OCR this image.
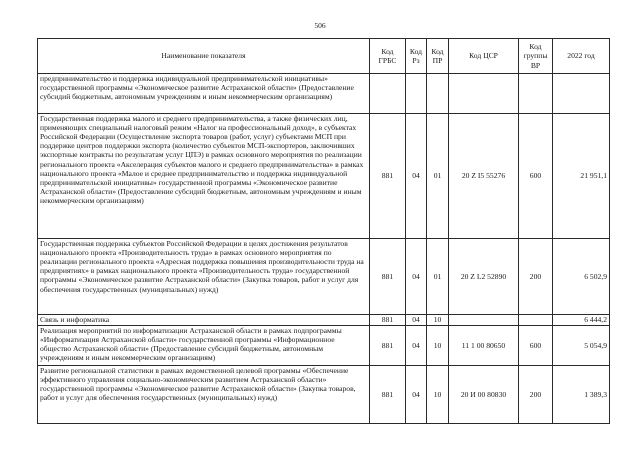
506
Наименование показателя	Код ГРБС	Код Рз	Код ПР	Код ЦСР	Код группы ВР	2022 год
предпринимательство и поддержка индивидуальной предпринимательской инициативы» государственной программы «Экономическое развитие Астраханской области» (Предоставление субсидий бюджетным, автономным учреждениям и иным некоммерческим организациям)						
Государственная поддержка малого и среднего предпринимательства, а также физических лиц, применяющих специальный налоговый режим «Налог на профессиональный доход», в субъектах Российской Федерации (Осуществление экспорта товаров (работ, услуг) субъектами МСП при поддержке центров поддержки экспорта (количество субъектов МСП-экспортеров, заключивших экспортные контракты по результатам услуг ЦПЭ) в рамках основного мероприятия по реализации регионального проекта «Акселерация субъектов малого и среднего предпринимательства» в рамках национального проекта «Малое и среднее предпринимательство и поддержка индивидуальной предпринимательской инициативы» государственной программы «Экономическое развитие Астраханской области» (Предоставление субсидий бюджетным, автономным учреждениям и иным некоммерческим организациям)	881	04	01	20 Z I5 55276	600	21 951,1
Государственная поддержка субъектов Российской Федерации в целях достижения результатов национального проекта «Производительность труда» в рамках основного мероприятия по реализации регионального проекта «Адресная поддержка повышения производительности труда на предприятиях» в рамках национального проекта «Производительность труда» государственной программы «Экономическое развитие Астраханской области» (Закупка товаров, работ и услуг для обеспечения государственных (муниципальных) нужд)	881	04	01	20 Z L2 52890	200	6 502,9
Связь и информатика	881	04	10			6 444,2
Реализация мероприятий по информатизации Астраханской области в рамках подпрограммы «Информатизация Астраханской области» государственной программы «Информационное общество Астраханской области» (Предоставление субсидий бюджетным, автономным учреждениям и иным некоммерческим организациям)	881	04	10	11 1 00 80650	600	5 054,9
Развитие региональной статистики в рамках ведомственной целевой программы «Обеспечение эффективного управления социально-экономическим развитием Астраханской области» государственной программы «Экономическое развитие Астраханской области» (Закупка товаров, работ и услуг для обеспечения государственных (муниципальных) нужд)	881	04	10	20 И 00 80830	200	1 389,3
